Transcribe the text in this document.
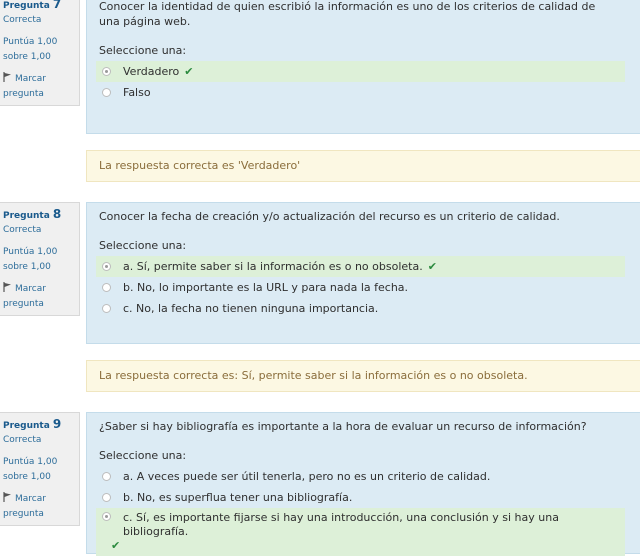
Pregunta 7
Correcta
Puntúa 1,00 sobre 1,00
Marcar pregunta
Conocer la identidad de quien escribió la información es uno de los criterios de calidad de una página web.
Seleccione una:
Verdadero ✔
Falso
La respuesta correcta es 'Verdadero'
Pregunta 8
Correcta
Puntúa 1,00 sobre 1,00
Marcar pregunta
Conocer la fecha de creación y/o actualización del recurso es un criterio de calidad.
Seleccione una:
a. Sí, permite saber si la información es o no obsoleta. ✔
b. No, lo importante es la URL y para nada la fecha.
c. No, la fecha no tienen ninguna importancia.
La respuesta correcta es: Sí, permite saber si la información es o no obsoleta.
Pregunta 9
Correcta
Puntúa 1,00 sobre 1,00
Marcar pregunta
¿Saber si hay bibliografía es importante a la hora de evaluar un recurso de información?
Seleccione una:
a. A veces puede ser útil tenerla, pero no es un criterio de calidad.
b. No, es superflua tener una bibliografía.
c. Sí, es importante fijarse si hay una introducción, una conclusión y si hay una bibliografía.
✔
